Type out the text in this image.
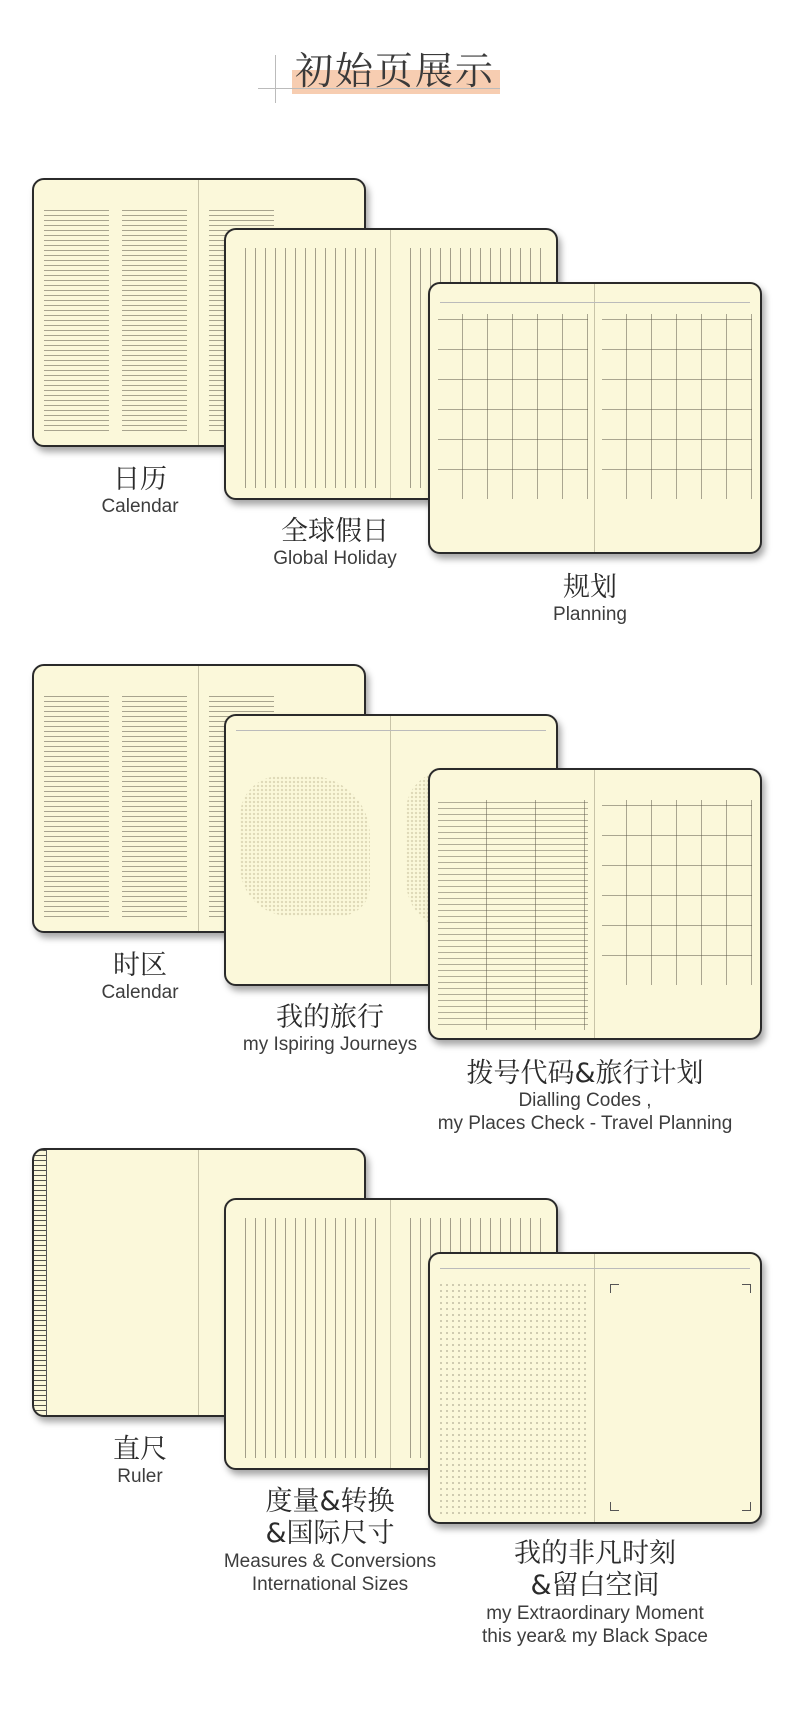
初始页展示
日历
Calendar
全球假日
Global Holiday
规划
Planning
时区
Calendar
我的旅行
my Ispiring Journeys
拨号代码&旅行计划
Dialling Codes ,
my Places Check - Travel Planning
直尺
Ruler
度量&转换
&国际尺寸
Measures & Conversions
International Sizes
我的非凡时刻
&留白空间
my Extraordinary Moment
this year& my Black Space
